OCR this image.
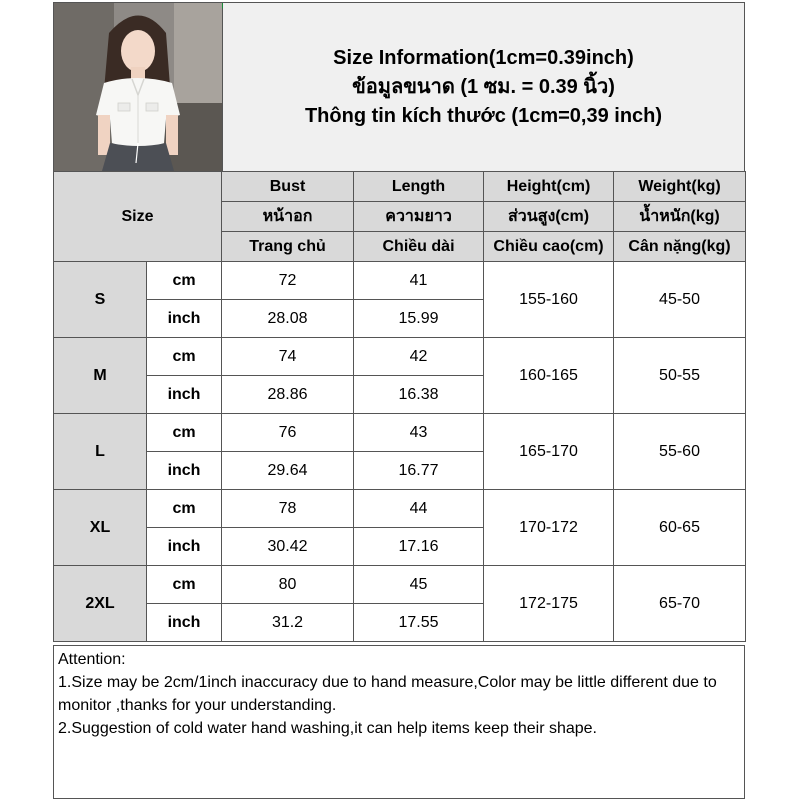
Size Information(1cm=0.39inch)
ข้อมูลขนาด (1 ซม. = 0.39 นิ้ว)
Thông tin kích thước (1cm=0,39 inch)
Size		Bust	Length	Height(cm)	Weight(kg)
		หน้าอก	ความยาว	ส่วนสูง(cm)	น้ำหนัก(kg)
		Trang chủ	Chiều dài	Chiều cao(cm)	Cân nặng(kg)
S	cm	72	41	155-160	45-50
	inch	28.08	15.99		
M	cm	74	42	160-165	50-55
	inch	28.86	16.38		
L	cm	76	43	165-170	55-60
	inch	29.64	16.77		
XL	cm	78	44	170-172	60-65
	inch	30.42	17.16		
2XL	cm	80	45	172-175	65-70
	inch	31.2	17.55		
Attention:
1.Size may be 2cm/1inch inaccuracy due to hand measure,Color may be little different due to monitor ,thanks for your understanding.
2.Suggestion of cold water hand washing,it can help items keep their shape.
